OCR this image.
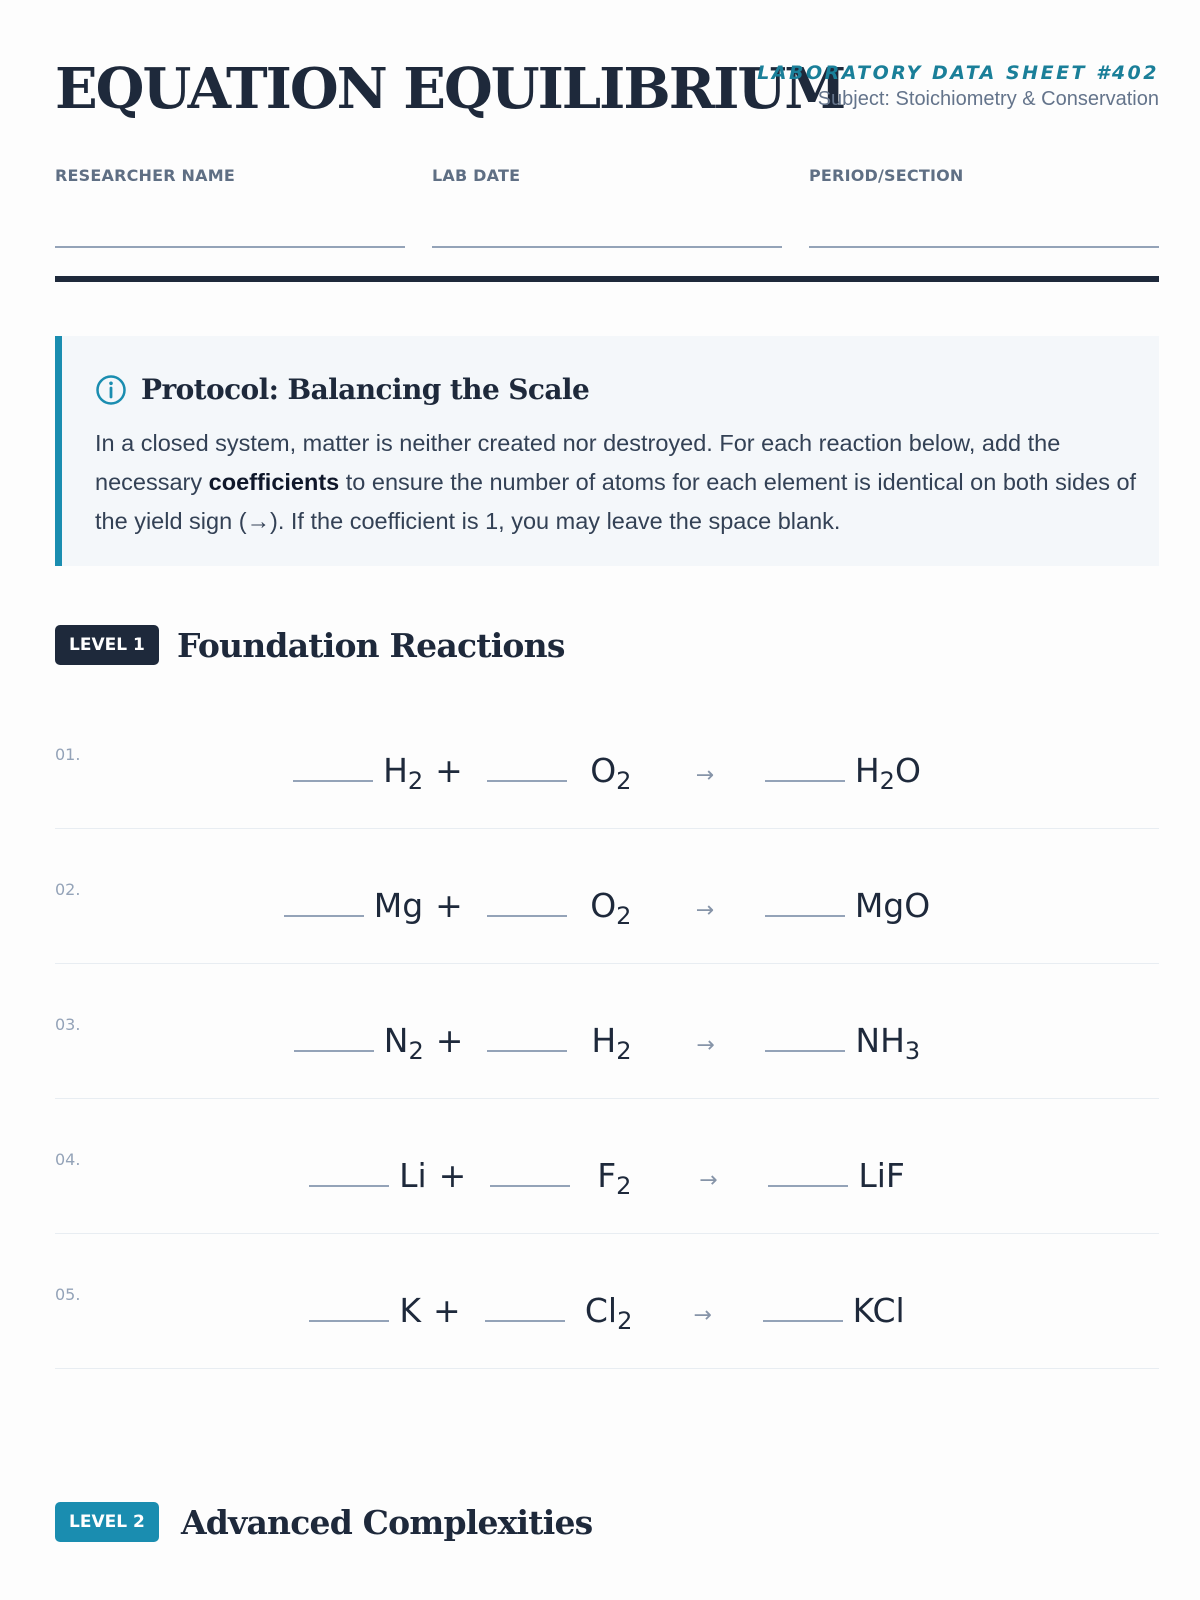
EQUATION EQUILIBRIUM
LABORATORY DATA SHEET #402
Subject: Stoichiometry & Conservation
RESEARCHER NAME	LAB DATE	PERIOD/SECTION
Protocol: Balancing the Scale

In a closed system, matter is neither created nor destroyed. For each reaction below, add the necessary coefficients to ensure the number of atoms for each element is identical on both sides of the yield sign (→). If the coefficient is 1, you may leave the space blank.

LEVEL 1 Foundation Reactions
01.	$H_2$ +	$O_2$	→	$H_2O$
02.	Mg +	$O_2$	→	MgO
03.	$N_2$ +	$H_2$	→	$NH_3$
04.	Li +	$F_2$	→	LiF
05.	K +	$Cl_2$	→	KCl
LEVEL 2	Advanced Complexities
